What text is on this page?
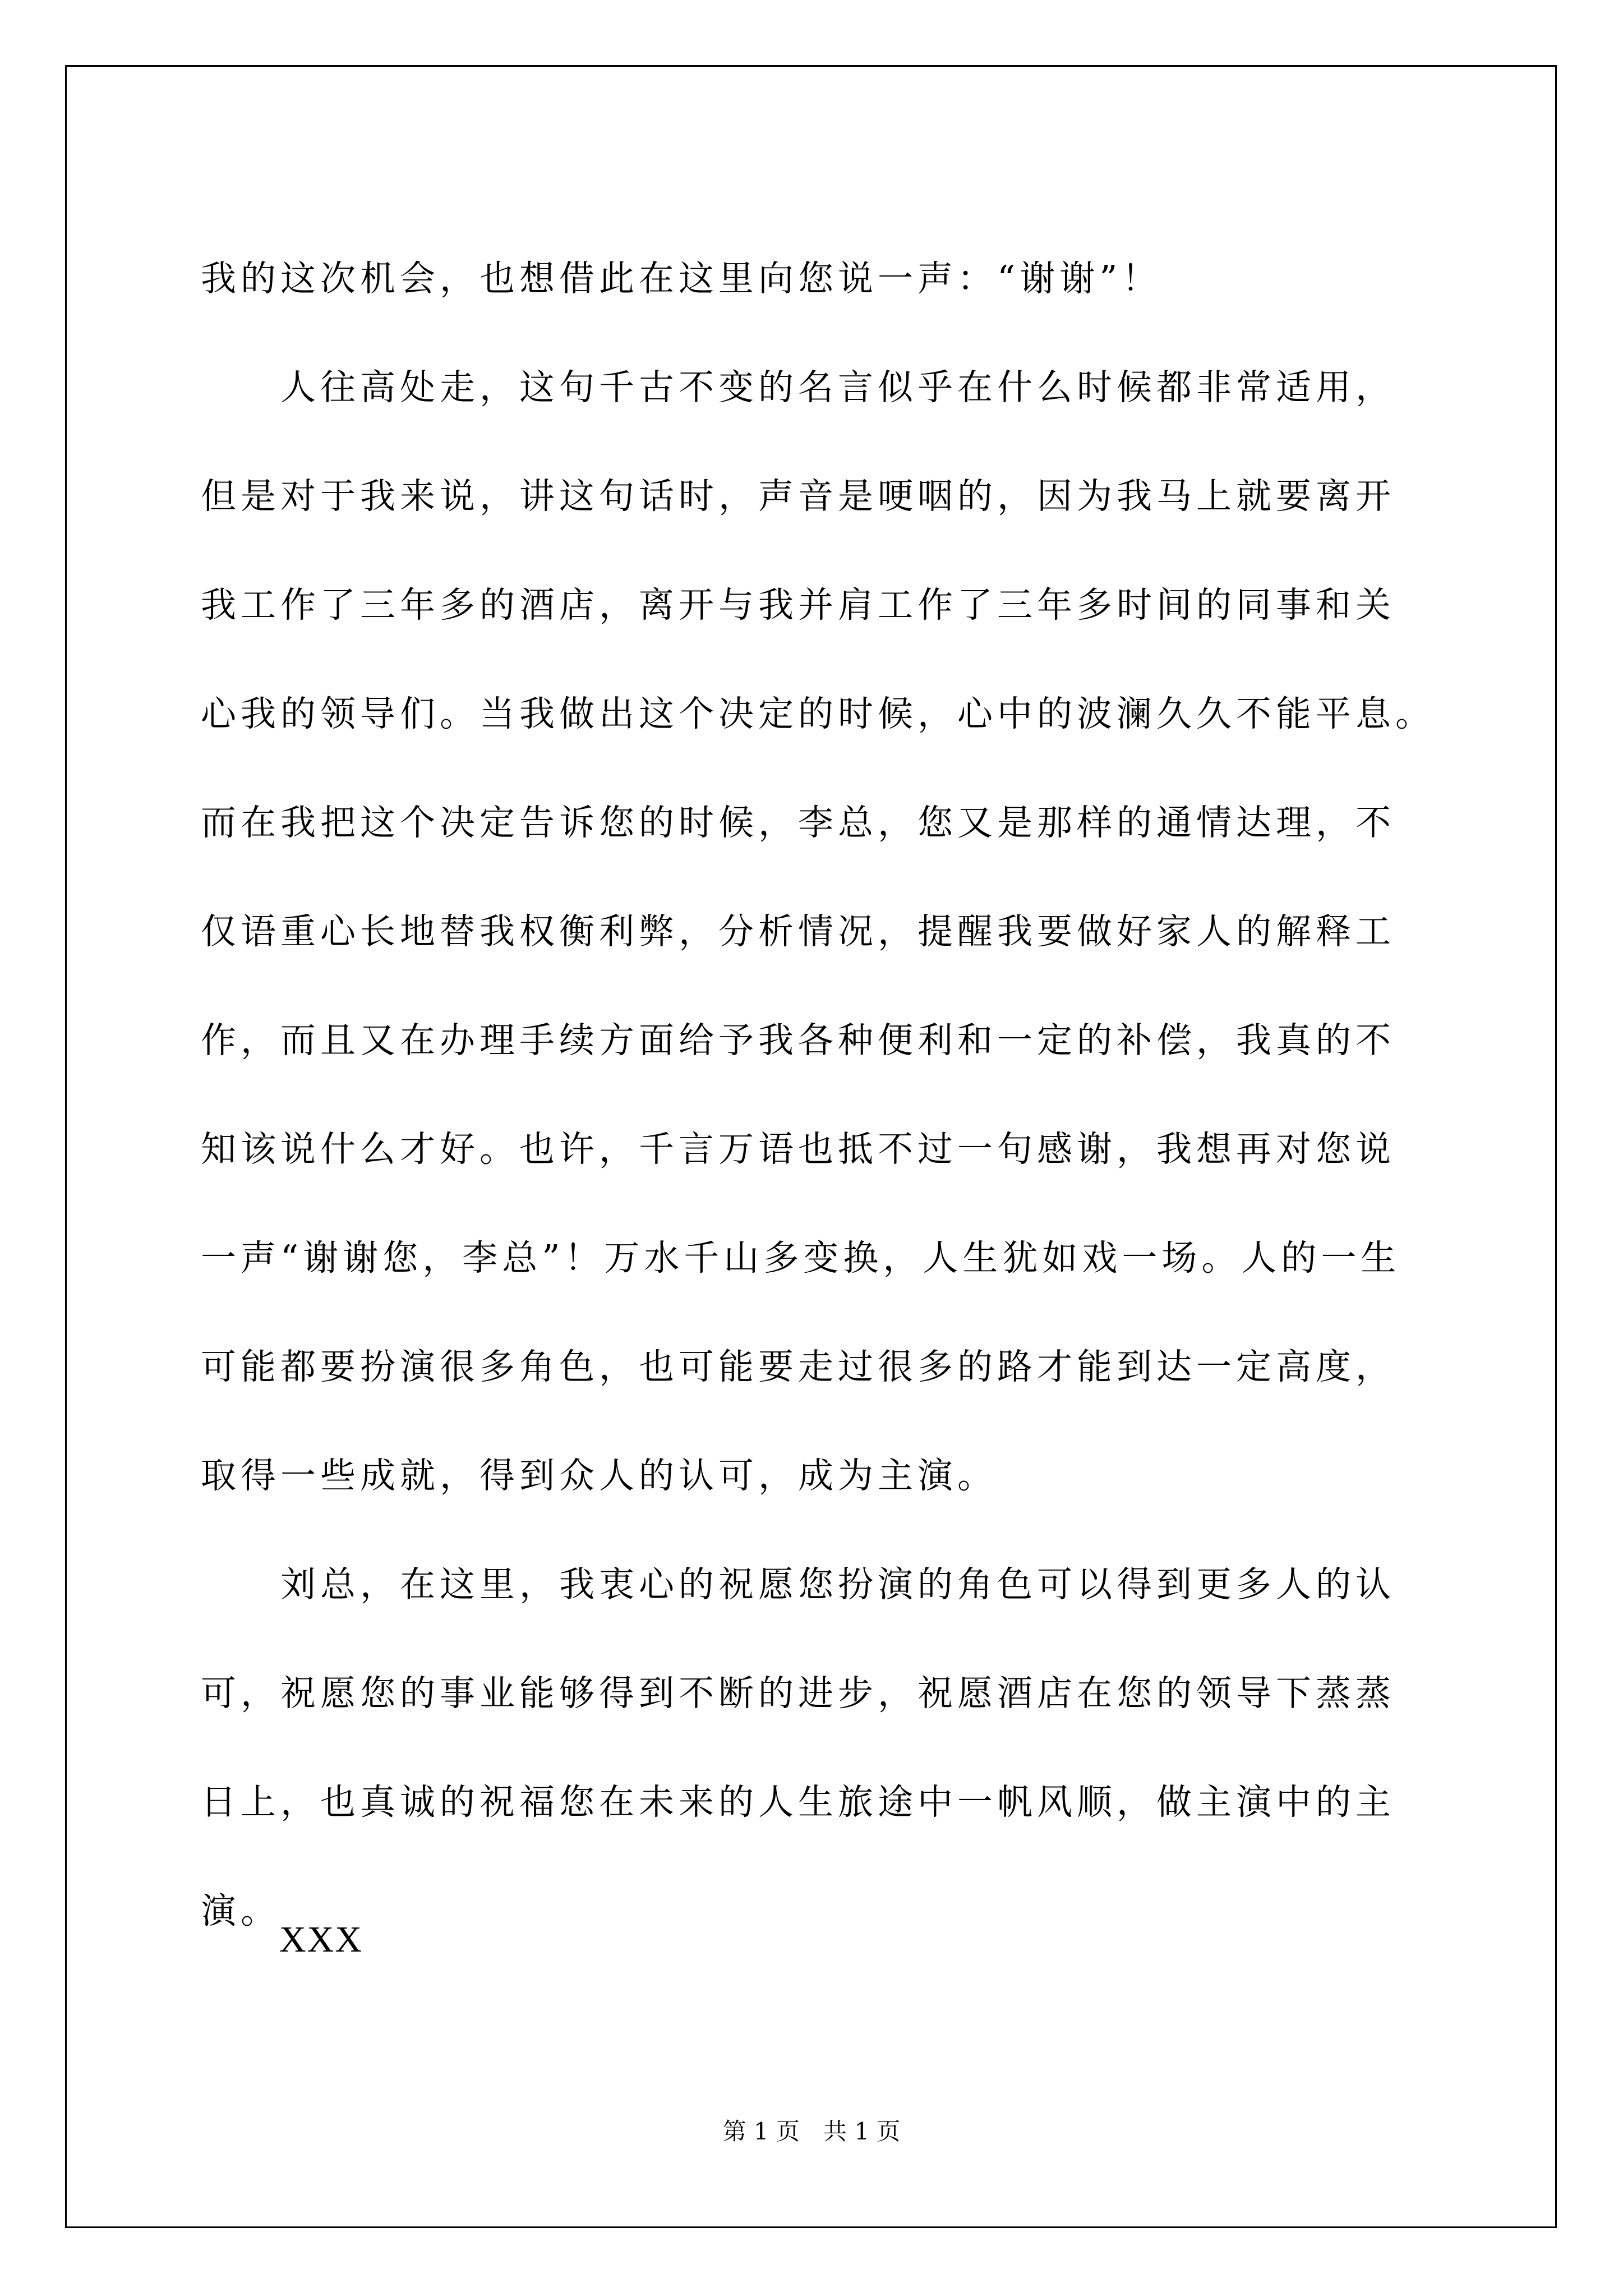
我的这次机会，也想借此在这里向您说一声：“谢谢”！
人往高处走，这句千古不变的名言似乎在什么时候都非常适用，
但是对于我来说，讲这句话时，声音是哽咽的，因为我马上就要离开
我工作了三年多的酒店，离开与我并肩工作了三年多时间的同事和关
心我的领导们。当我做出这个决定的时候，心中的波澜久久不能平息。
而在我把这个决定告诉您的时候，李总，您又是那样的通情达理，不
仅语重心长地替我权衡利弊，分析情况，提醒我要做好家人的解释工
作，而且又在办理手续方面给予我各种便利和一定的补偿，我真的不
知该说什么才好。也许，千言万语也抵不过一句感谢，我想再对您说
一声“谢谢您，李总”！万水千山多变换，人生犹如戏一场。人的一生
可能都要扮演很多角色，也可能要走过很多的路才能到达一定高度，
取得一些成就，得到众人的认可，成为主演。
刘总，在这里，我衷心的祝愿您扮演的角色可以得到更多人的认
可，祝愿您的事业能够得到不断的进步，祝愿酒店在您的领导下蒸蒸
日上，也真诚的祝福您在未来的人生旅途中一帆风顺，做主演中的主
演。
XXX
第 1 页　共 1 页
